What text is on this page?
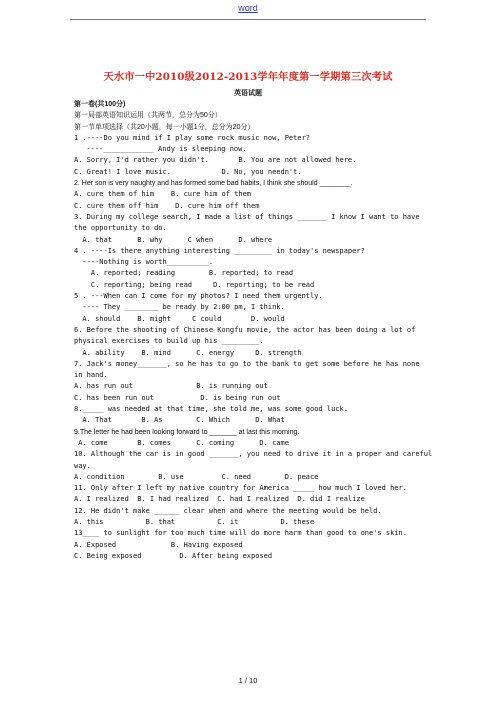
word
天水市一中2010级2012-2013学年年度第一学期第三次考试
英语试题
第一卷(共100分)
第一局部英语知识运用（共两节，总分为50分）
第一节单项选择（共20小题，每一小题1分，总分为20分）
1 .----Do you mind if I play some rock music now, Peter?
----____________ Andy is sleeping now.
A. Sorry, I'd rather you didn't.       B. You are not allowed here.
C. Great! I love music.            D. No, you needn't.
2. Her son is very naughty and has formed some bad habits, I think she should ________.
A. cure them of him    B. cure him of them
C. cure them off him    D. cure him off them
3. During my college search, I made a list of things _______ I know I want to have
the opportunity to do.
A. that      B. why      C when      D. where
4 . ----Is there anything interesting _________ in today's newspaper?
----Nothing is worth__________.
A. reported; reading        B. reported; to read
C. reporting; being read     D. reporting; to be read
5 . ---When can I come for my photos? I need them urgently.
---- They ________ be ready by 2:00 pm, I think.
A. should    B. might     C could       D. would
6. Before the shooting of Chinese Kongfu movie, the actor has been doing a lot of
physical exercises to build up his _________.
A. ability    B. mind      C. energy     D. strength
7. Jack's money_______, so he has to go to the bank to get some before he has none
in hand.
A. has run out               B. is running out
C. has been run out           D. is being run out
8._____ was needed at that time, she told me, was some good luck.
A. That       B. As        C. Which      D. What
9.The letter he had been looking forward to _______ at last this morning.
A. come       B. comes      C. coming      D. came
10. Although the car is in good _______, you need to drive it in a proper and careful
way.
A. condition        B. use         C. need        D. peace
11. Only after I left my native country for America _____ how much I loved her.
A. I realized  B. I had realized  C. had I realized  D. did I realize
12. He didn't make ______ clear when and where the meeting would be held.
A. this          B. that          C. it          D. these
13____ to sunlight for too much time will do more harm than good to one's skin.
A. Exposed             B. Having exposed
C. Being exposed         D. After being exposed
1 / 10
